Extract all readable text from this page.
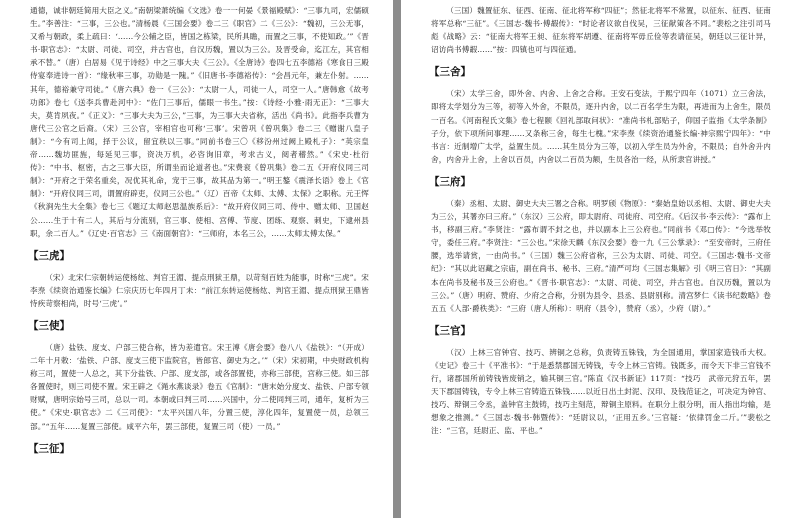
通德，诚非朝廷简用大臣之义。”南朝梁萧统编《文选》卷一一何晏《景福殿赋》：“三事九司，宏儒硕生。”李善注：“三事，三公也。”清杨晨《三国会要》卷二三《职官》二《三公》：“魏初，三公无事，又希与朝政，柔上疏曰：‘……今公辅之臣，皆国之栋梁，民所具瞻，而置之三事，不使知政。’”《晋书·职官志》：“太尉、司徒、司空，并古官也，自汉历魏，置以为三公。及晋受命，迄江左，其官相承不替。”（唐）白居易《见于诗经》中之三事大夫《三公》。《全唐诗》卷四七五李德裕《寒食日三殿侍宴奉进诗一首》：“缘秋率三事，功勋是一隗。”《旧唐书·李德裕传》：“会昌元年，兼左仆射。……其年，德裕兼守司徒。”《唐六典》卷一《三公》：“太尉一人，司徒一人，司空一人。”唐韩愈《故考功郎》卷七《送李兵曹赴河中》：“佐门三事后，儒眼一书生。”按：《诗经·小雅·雨无正》：“三事大夫，莫肯夙夜。”《正义》：“三事大夫为三公，”三事，为三事大夫省称，活出《尚书》。此指李兵曹为唐代三公官之后裔。（宋）三公官，宰相官也可称‘三事’。宋曾巩《曾巩集》卷二三《赠谢八皇子制》：“今有司上闻，择于公议，留宜秩以三事。”同前书卷三〇《移汾州过阙上殿札子》：“英宗皇帝……魏坊匪旌，每延见三事，资决万机，必咨询旧章，考求古义，阅者稽然。”《宋史·杜衍传》：“中书、枢密，古之三事大臣，所谓坐而论道者也。”宋费衮《曾巩集》卷二五《开府仪同三司制》：“开府之于荣名重矣，况优其礼命，宠于三事，故其品为第一。”明王鏊《震泽长语》卷上《官制》：“开府仪同三司，谓置府辟吏，仪同三公也。”（辽）百帝《太师、太傅、太保》之职称。元王恽《秋涧先生大全集》卷七三《题辽太师赵思温族系后》：“故开府仪同三司、侍中、赠太师、卫国赵公……生于十有二人，其后与分流别，官三事、使相、宫傅、节度、团练、观察、刺史，下逮州县职，余二百人。”《辽史·百官志》三《南面朝官》：“三师府，本名三公，……太师太傅太保。”

【三虎】

（宋）北宋仁宗朝转运使杨纮、判官王湄、提点刑狱王鼎，以苛刻百姓为能事，时称“三虎”。宋李焘《续资治通鉴长编》仁宗庆历七年四月丁未：“前江东转运使杨纮、判官王湄、提点刑狱王鼎皆恃疾苛察相尚，时号‘三虎’。”

【三使】

（唐）盐铁、度支、户部三使合称，皆为差遣官。宋王溥《唐会要》卷八八《盐铁》：“（开成）二年十月敕：‘盐铁、户部、度支三使下监院官，皆郎官、御史为之。’”（宋）宋初期，中央财政机构称三司，置使一人总之，其下分盐铁、户部、度支部，或各部置使，亦称三部使，宫称三使。如三部各置使时，则三司使不置。宋王辟之《渑水燕谈录》卷五《官制》：“唐末始分度支、盐铁、户部专领财赋，唐明宗始号三司，总以一司。本朝或曰判三司……兴国中，分二使同判三司，通年，复析为三使。”《宋史·职官志》二《三司使》：“太平兴国八年，分置三使，淳化四年，复置使一员，总领三部。”“五年……复置三部使。咸平六年，罢三部使，复置三司（使）一员。”

【三征】

（三国）魏置征东、征西、征南、征北将军称“四征”；然征北将军不常置，以征东、征西、征南将军总称“三征”。《三国志·魏书·傅嘏传》：“时论者议欲自伐吴，三征献策各不同。”裴松之注引司马彪《战略》云：“征南大将军王昶、征东将军胡遵、征南将军毋丘俭等表请征吴，朝廷以三征计异，诏访尚书傅嘏……”按：四镇也可与四征通。

【三舍】

（宋）太学三舍，即外舍、内舍、上舍之合称。王安石变法，于熙宁四年（1071）立三舍法，即将太学划分为三等，初等入外舍，不限员，逐升内舍，以二百名学生为限，再进而为上舍生，限员一百名。《河南程氏文集》卷七程颐《回礼部取问状》：“准尚书札部贴子，仰国子监指《太学条制》子分，依下项所问事理……又条称三舍，每生七槐。”宋李焘《续资治通鉴长编·神宗熙宁四年》：“中书言：近制增广太学，益置生员。……其生员分为三等，以初入学生员为外舍，不限员；自外舍升内舍，内舍升上舍，上舍以百员，内舍以二百员为额，生员各治一经，从所隶官讲授。”

【三府】

（秦）丞相、太尉、御史大夫三署之合称。明罗颀《物原》：“秦始皇始以丞相、太尉、御史大夫为三公，其署亦曰三府。”（东汉）三公府，即太尉府、司徒府、司空府。《后汉书·李云传》：“露布上书，移副三府。”李贤注：“露布谓不封之也，并以副本上三公府也。”同前书《邓□传》：“今选举牧守，委任三府。”李贤注：“三公也。”宋徐天麟《东汉会要》卷一九《三公掌录》：“至安帝时，三府任腰，选举请赏，一由尚书。”（三国）魏三公府省称，三公为太尉、司徒、司空。《三国志·魏书·文帝纪》：“其以此诏藏之宗庙，副在尚书、秘书、三府。”清严可均《三国志集解》引《明三官日》：“其副本在尚书及秘书及三公府也。”《晋书·职官志》：“太尉、司徒、司空，并古官也。自汉历魏，置以为三公。”（唐）明府、赞府、少府之合称，分别为县令、县丞、县尉别称。清宫梦仁《读书纪数略》卷五五《人部·爵秩类》：“三府（唐人所称）：明府（县令），赞府（丞），少府（尉）。”

【三官】

（汉）上林三官钟官、技巧、辨铜之总称，负责铸五铢钱，为全国通用，掌国家造钱币大权。《史记》卷三十《平准书》：“于是悉禁郡国无铸钱，专令上林三官铸。钱既多，而令天下非三官钱不行，诸郡国所前铸钱皆废销之，输其铜三官。”陈直《汉书新证》117页：“技巧　武帝元狩五年，罢天下郡国铸钱，专令上林三官铸造五铢钱……以近日出土封泥、汉印、及钱范证之，可决定为钟官、技巧、辩铜三令丞，盖钟官主鼓铸，技巧主刻范，辩铜主原料。在职分上很分明，而人指出均输，是想象之推测。”《三国志·魏书·韩暨传》：“廷尉议以，‘正用五乡。’三官疑：‘依律罚金二斤。’”裴松之注：“三官，廷尉正、监、平也。”
